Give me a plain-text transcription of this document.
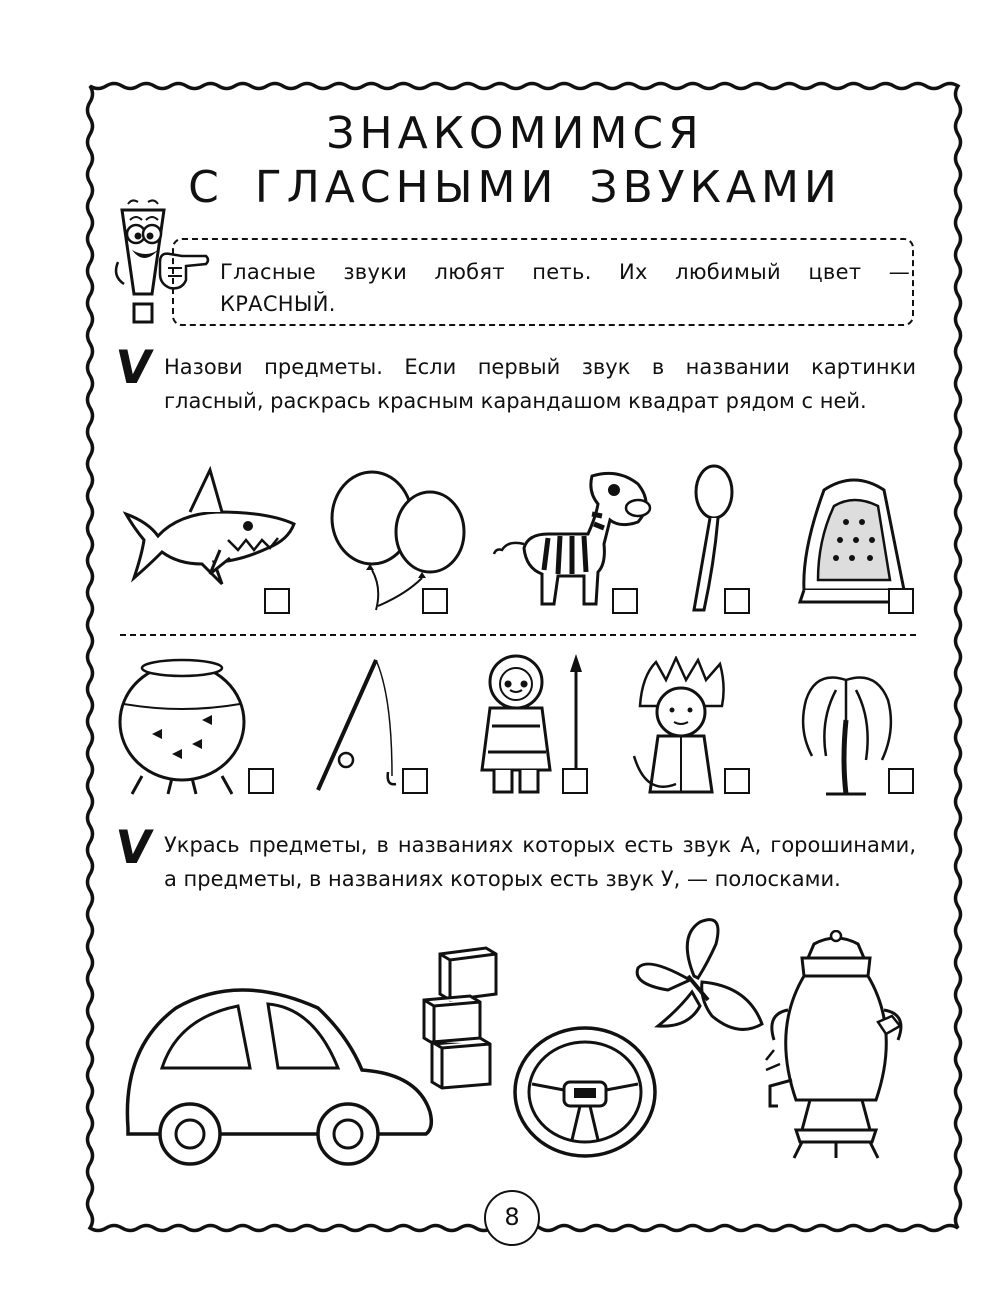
ЗНАКОМИМСЯ
С ГЛАСНЫМИ ЗВУКАМИ
Гласные звуки любят петь. Их любимый цвет —
КРАСНЫЙ.
V Назови предметы. Если первый звук в названии картинки гласный, раскрась красным карандашом квадрат рядом с ней.
V Укрась предметы, в названиях которых есть звук А, горошинами, а предметы, в названиях которых есть звук У, — полосками.
8
